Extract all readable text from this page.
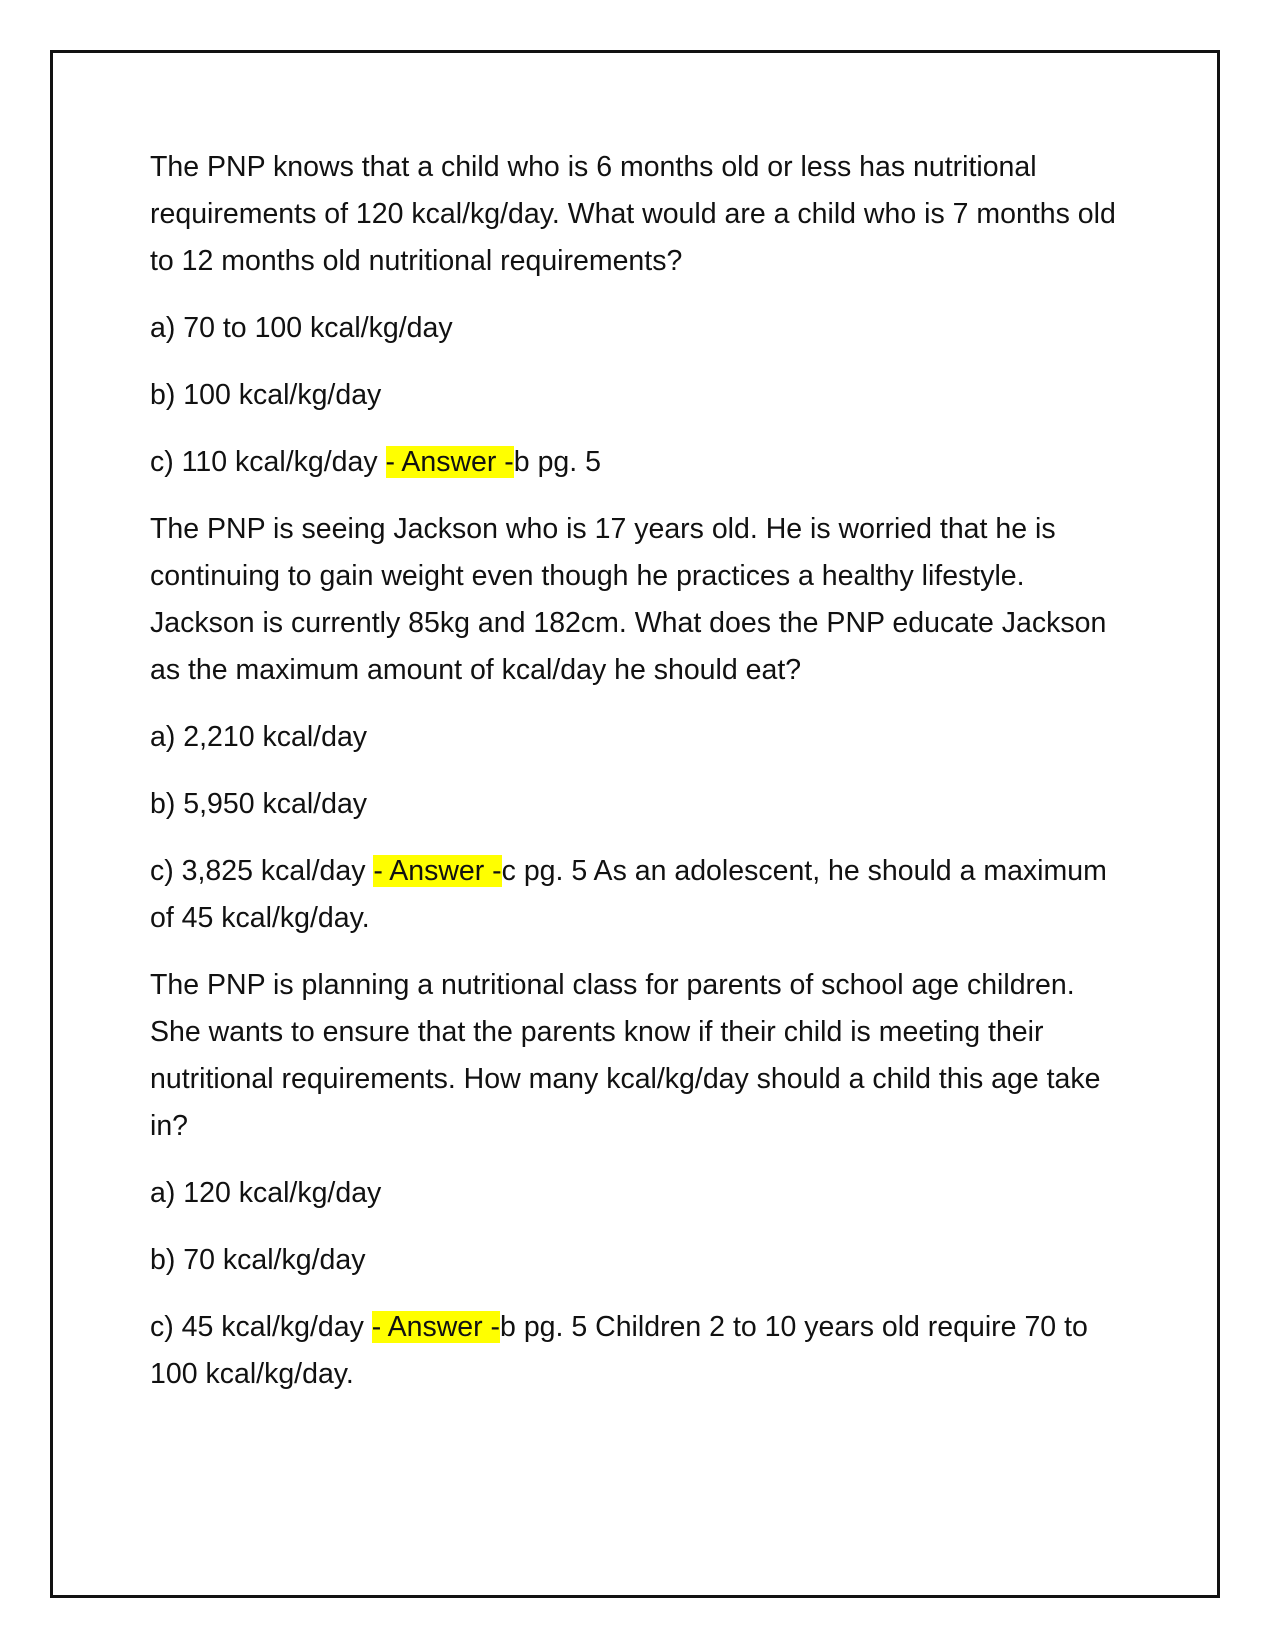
The PNP knows that a child who is 6 months old or less has nutritional requirements of 120 kcal/kg/day. What would are a child who is 7 months old to 12 months old nutritional requirements?

a) 70 to 100 kcal/kg/day

b) 100 kcal/kg/day

c) 110 kcal/kg/day - Answer -b pg. 5

The PNP is seeing Jackson who is 17 years old. He is worried that he is continuing to gain weight even though he practices a healthy lifestyle. Jackson is currently 85kg and 182cm. What does the PNP educate Jackson as the maximum amount of kcal/day he should eat?

a) 2,210 kcal/day

b) 5,950 kcal/day

c) 3,825 kcal/day - Answer -c pg. 5 As an adolescent, he should a maximum of 45 kcal/kg/day.

The PNP is planning a nutritional class for parents of school age children. She wants to ensure that the parents know if their child is meeting their nutritional requirements. How many kcal/kg/day should a child this age take in?

a) 120 kcal/kg/day

b) 70 kcal/kg/day

c) 45 kcal/kg/day - Answer -b pg. 5 Children 2 to 10 years old require 70 to 100 kcal/kg/day.
